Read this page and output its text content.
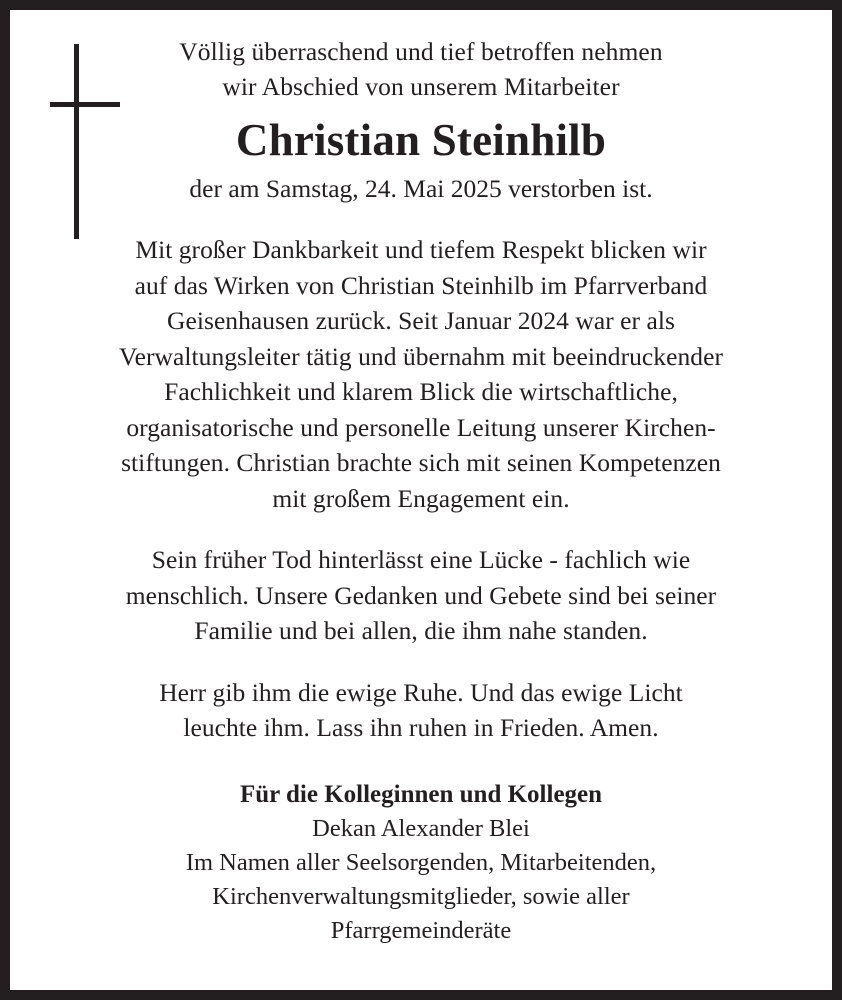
Völlig überraschend und tief betroffen nehmen
wir Abschied von unserem Mitarbeiter
Christian Steinhilb
der am Samstag, 24. Mai 2025 verstorben ist.
Mit großer Dankbarkeit und tiefem Respekt blicken wir
auf das Wirken von Christian Steinhilb im Pfarrverband
Geisenhausen zurück. Seit Januar 2024 war er als
Verwaltungsleiter tätig und übernahm mit beeindruckender
Fachlichkeit und klarem Blick die wirtschaftliche,
organisatorische und personelle Leitung unserer Kirchen-
stiftungen. Christian brachte sich mit seinen Kompetenzen
mit großem Engagement ein.
Sein früher Tod hinterlässt eine Lücke - fachlich wie
menschlich. Unsere Gedanken und Gebete sind bei seiner
Familie und bei allen, die ihm nahe standen.
Herr gib ihm die ewige Ruhe. Und das ewige Licht
leuchte ihm. Lass ihn ruhen in Frieden. Amen.
Für die Kolleginnen und Kollegen
Dekan Alexander Blei
Im Namen aller Seelsorgenden, Mitarbeitenden,
Kirchenverwaltungsmitglieder, sowie aller
Pfarrgemeinderäte
